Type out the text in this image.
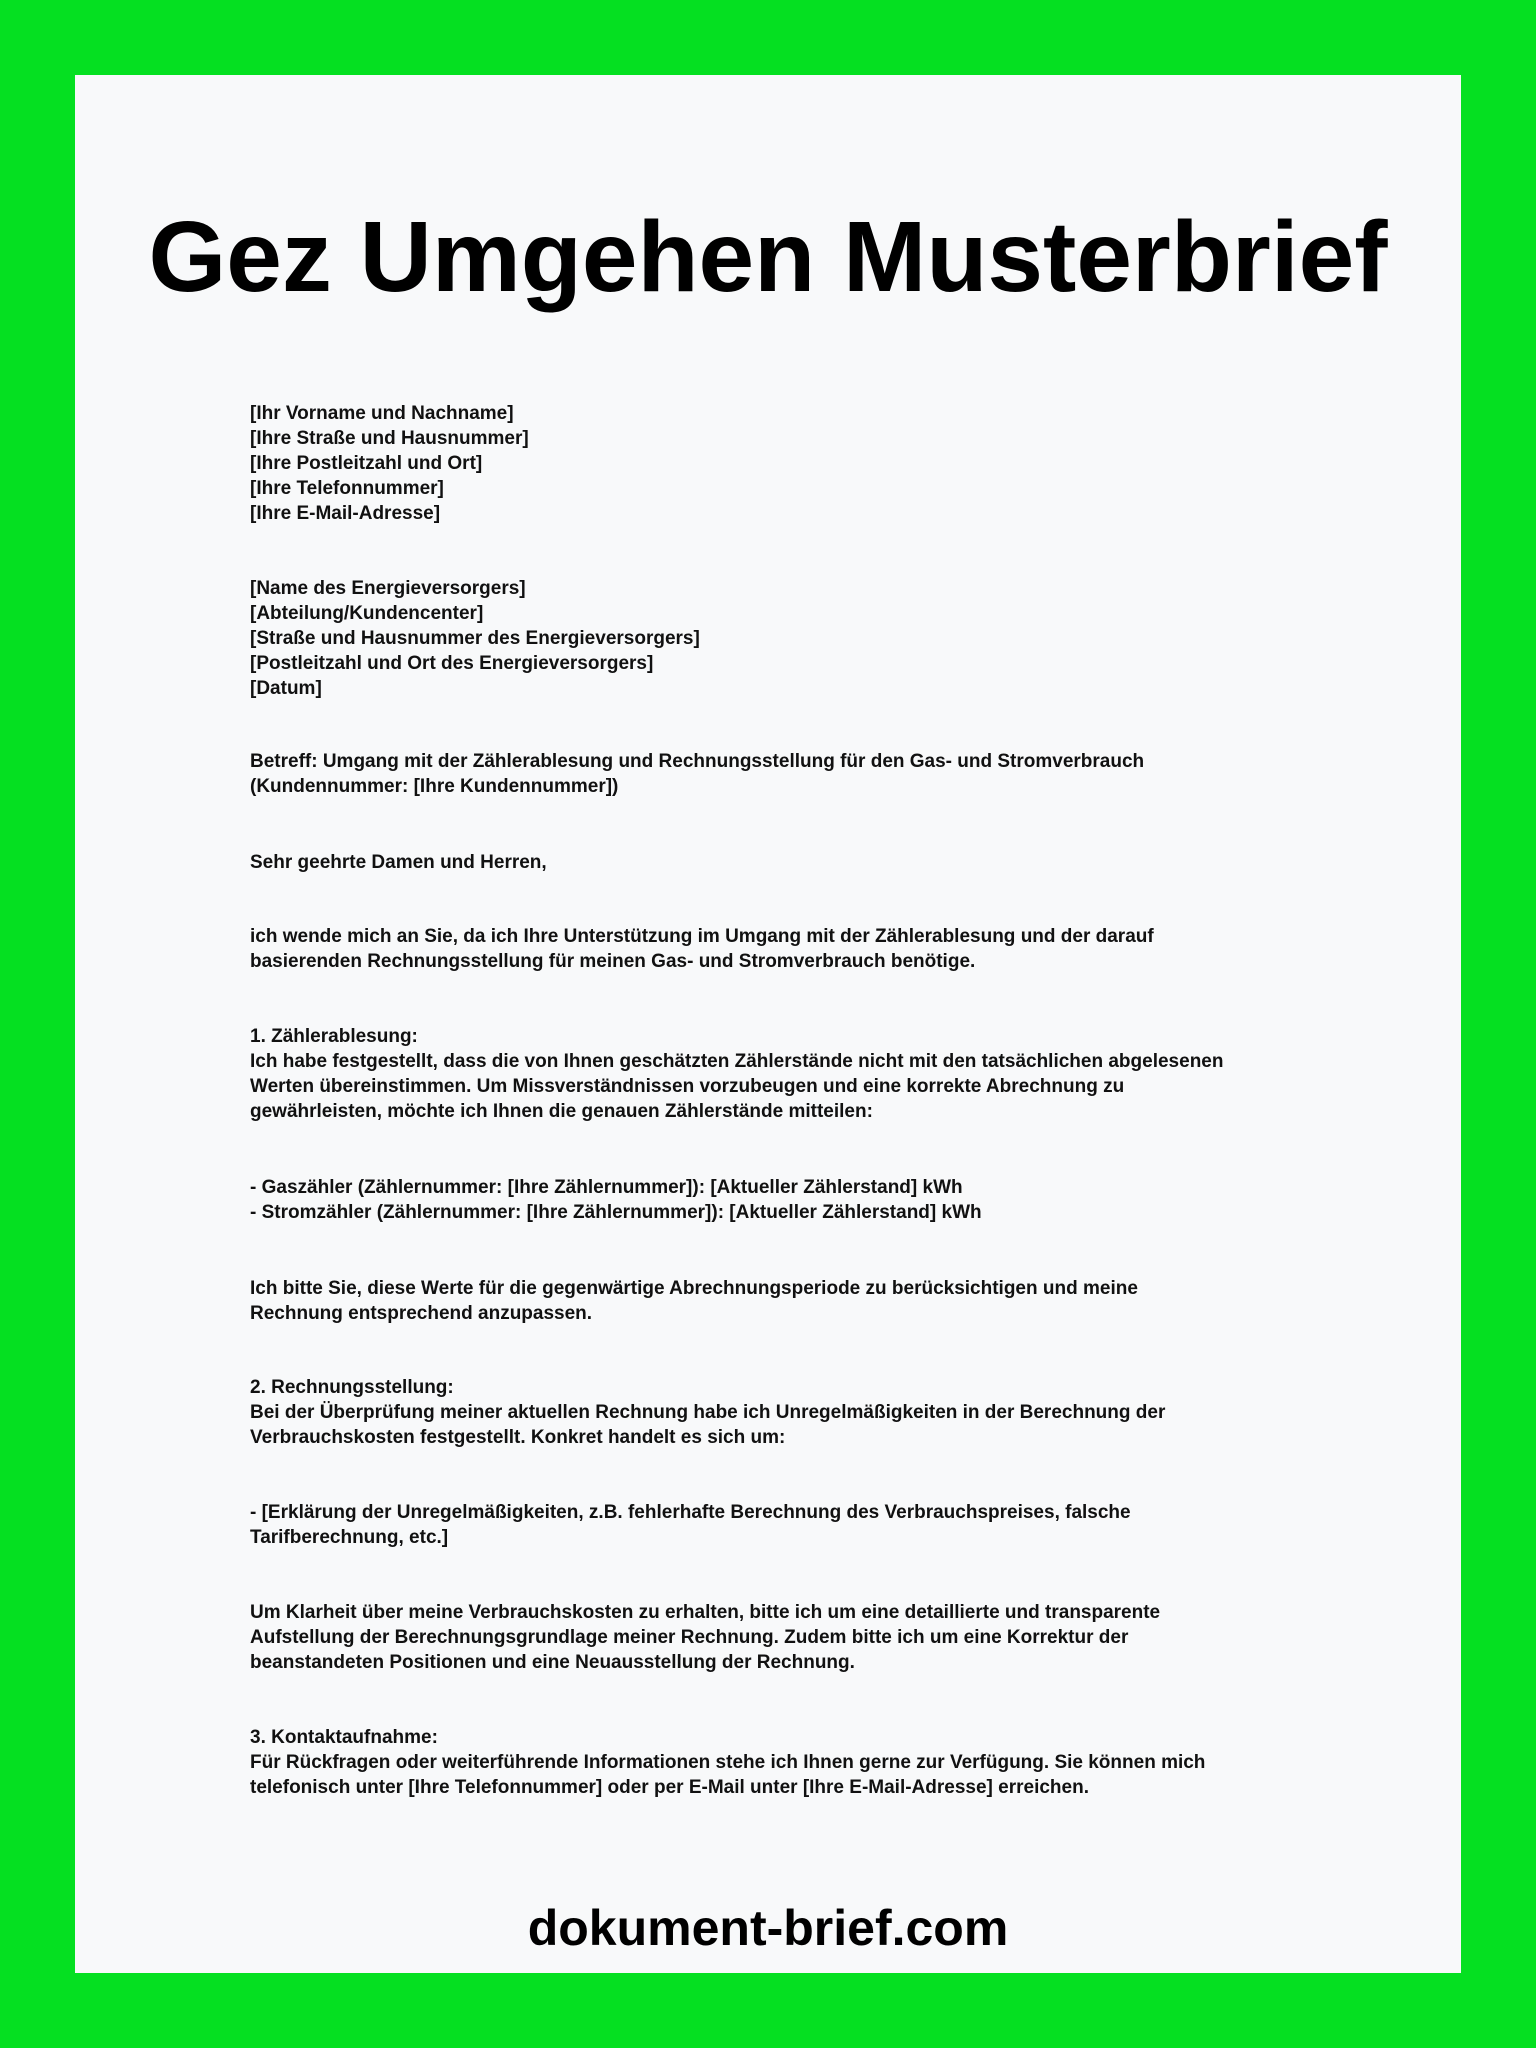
Gez Umgehen Musterbrief
[Ihr Vorname und Nachname]
[Ihre Straße und Hausnummer]
[Ihre Postleitzahl und Ort]
[Ihre Telefonnummer]
[Ihre E-Mail-Adresse]
[Name des Energieversorgers]
[Abteilung/Kundencenter]
[Straße und Hausnummer des Energieversorgers]
[Postleitzahl und Ort des Energieversorgers]
[Datum]
Betreff: Umgang mit der Zählerablesung und Rechnungsstellung für den Gas- und Stromverbrauch
(Kundennummer: [Ihre Kundennummer])
Sehr geehrte Damen und Herren,
ich wende mich an Sie, da ich Ihre Unterstützung im Umgang mit der Zählerablesung und der darauf
basierenden Rechnungsstellung für meinen Gas- und Stromverbrauch benötige.
1. Zählerablesung:
Ich habe festgestellt, dass die von Ihnen geschätzten Zählerstände nicht mit den tatsächlichen abgelesenen
Werten übereinstimmen. Um Missverständnissen vorzubeugen und eine korrekte Abrechnung zu
gewährleisten, möchte ich Ihnen die genauen Zählerstände mitteilen:
- Gaszähler (Zählernummer: [Ihre Zählernummer]): [Aktueller Zählerstand] kWh
- Stromzähler (Zählernummer: [Ihre Zählernummer]): [Aktueller Zählerstand] kWh
Ich bitte Sie, diese Werte für die gegenwärtige Abrechnungsperiode zu berücksichtigen und meine
Rechnung entsprechend anzupassen.
2. Rechnungsstellung:
Bei der Überprüfung meiner aktuellen Rechnung habe ich Unregelmäßigkeiten in der Berechnung der
Verbrauchskosten festgestellt. Konkret handelt es sich um:
- [Erklärung der Unregelmäßigkeiten, z.B. fehlerhafte Berechnung des Verbrauchspreises, falsche
Tarifberechnung, etc.]
Um Klarheit über meine Verbrauchskosten zu erhalten, bitte ich um eine detaillierte und transparente
Aufstellung der Berechnungsgrundlage meiner Rechnung. Zudem bitte ich um eine Korrektur der
beanstandeten Positionen und eine Neuausstellung der Rechnung.
3. Kontaktaufnahme:
Für Rückfragen oder weiterführende Informationen stehe ich Ihnen gerne zur Verfügung. Sie können mich
telefonisch unter [Ihre Telefonnummer] oder per E-Mail unter [Ihre E-Mail-Adresse] erreichen.
dokument-brief.com
